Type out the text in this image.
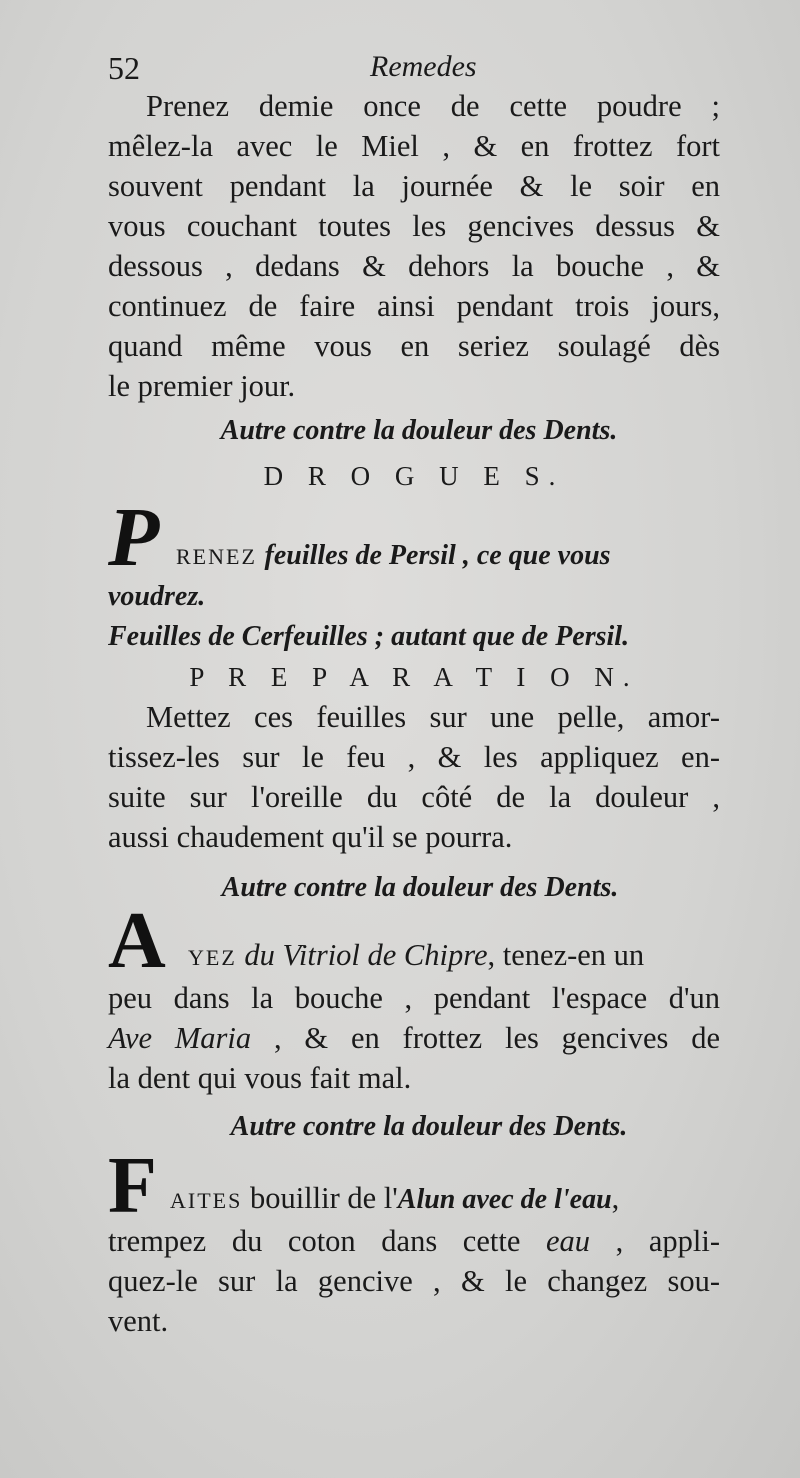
52	Remedes
Prenez demie once de cette poudre ;
mêlez-la avec le Miel , & en frottez fort
souvent pendant la journée & le soir en
vous couchant toutes les gencives dessus &
dessous , dedans & dehors la bouche , &
continuez de faire ainsi pendant trois jours,
quand même vous en seriez soulagé dès
le premier jour.
Autre contre la douleur des Dents.
D R O G U E S.
P RENEZ feuilles de Persil , ce que vous
voudrez.
Feuilles de Cerfeuilles ; autant que de Persil.
P R E P A R A T I O N.
Mettez ces feuilles sur une pelle, amor-
tissez-les sur le feu , & les appliquez en-
suite sur l'oreille du côté de la douleur ,
aussi chaudement qu'il se pourra.
Autre contre la douleur des Dents.
A YEZ du Vitriol de Chipre, tenez-en un
peu dans la bouche , pendant l'espace d'un
Ave Maria , & en frottez les gencives de
la dent qui vous fait mal.
Autre contre la douleur des Dents.
F AITES bouillir de l'Alun avec de l'eau,
trempez du coton dans cette eau , appli-
quez-le sur la gencive , & le changez sou-
vent.
